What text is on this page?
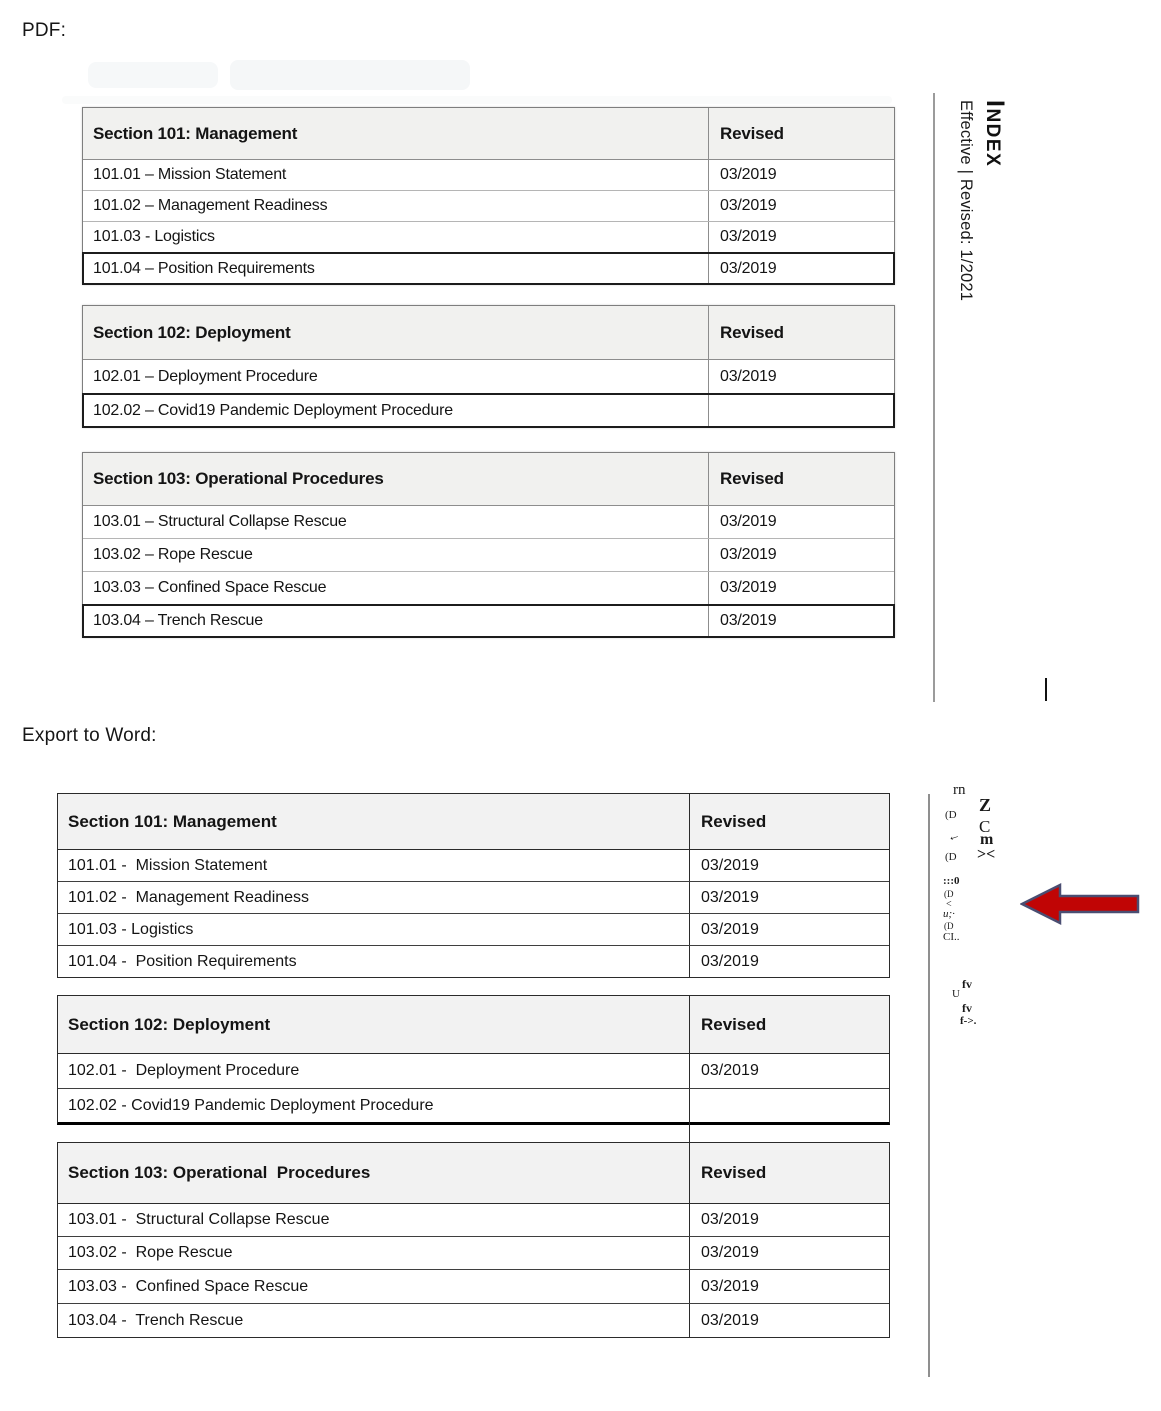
PDF:
Section 101: Management	Revised
101.01 – Mission Statement	03/2019
101.02 – Management Readiness	03/2019
101.03 - Logistics	03/2019
101.04 – Position Requirements	03/2019
Section 102: Deployment	Revised
102.01 – Deployment Procedure	03/2019
102.02 – Covid19 Pandemic Deployment Procedure
Section 103: Operational Procedures	Revised
103.01 – Structural Collapse Rescue	03/2019
103.02 – Rope Rescue	03/2019
103.03 – Confined Space Rescue	03/2019
103.04 – Trench Rescue	03/2019
INDEX
Effective | Revised: 1/2021
Export to Word:
Section 101: Management	Revised
101.01 -  Mission Statement	03/2019
101.02 -  Management Readiness	03/2019
101.03 - Logistics	03/2019
101.04 -  Position Requirements	03/2019
Section 102: Deployment	Revised
102.01 -  Deployment Procedure	03/2019
102.02 - Covid19 Pandemic Deployment Procedure
Section 103: Operational  Procedures	Revised
103.01 -  Structural Collapse Rescue	03/2019
103.02 -  Rope Rescue	03/2019
103.03 -  Confined Space Rescue	03/2019
103.04 -  Trench Rescue	03/2019
rn
Z
(D
C
← m
(D ><
:::0
(D
<
u;·
(D
CI..
fv
U
fv
f->.
